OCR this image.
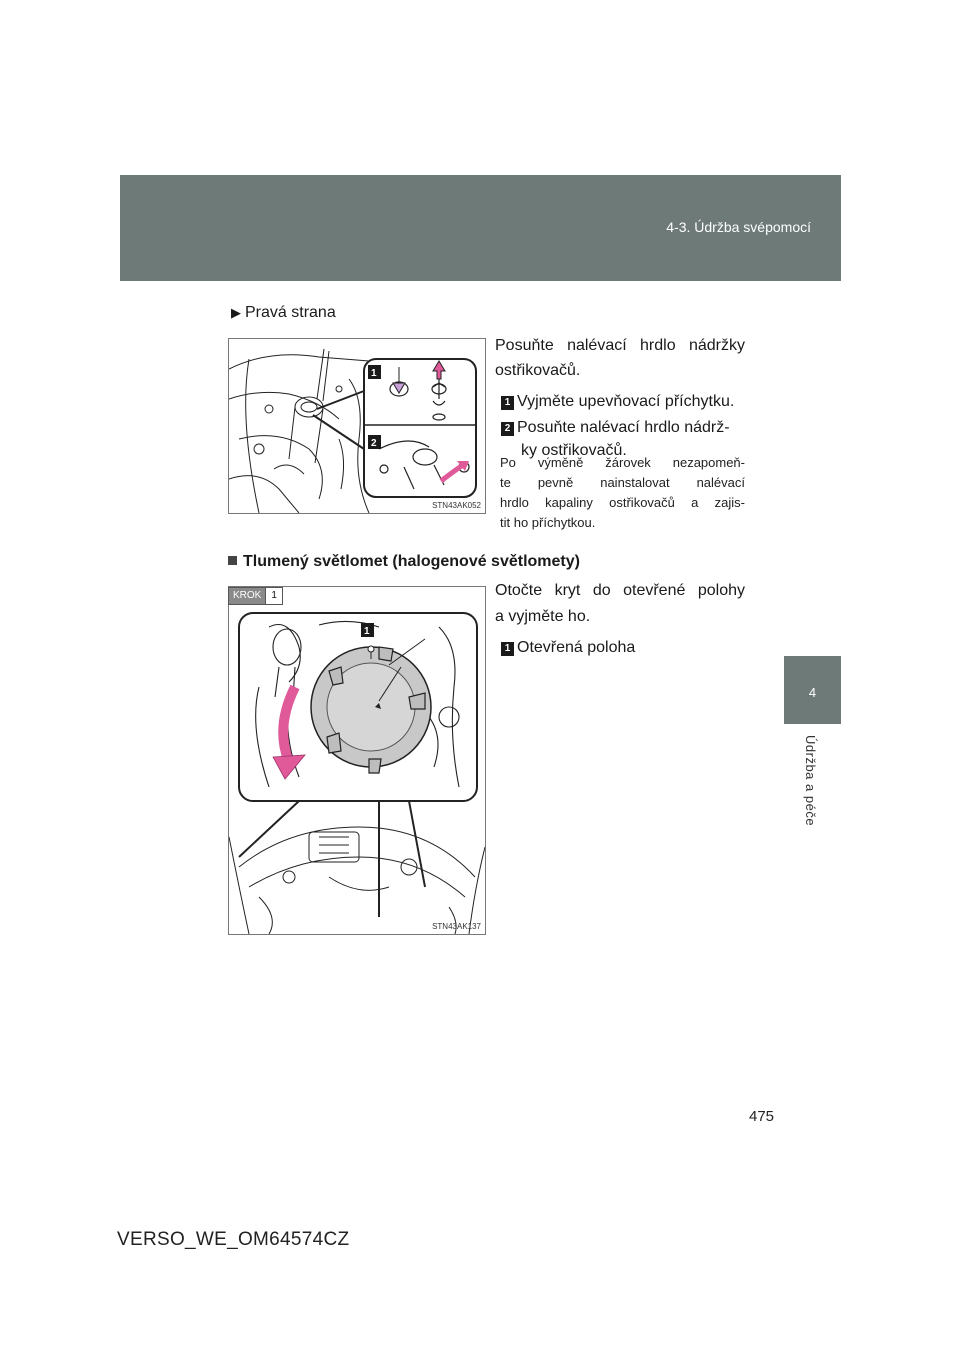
4-3. Údržba svépomocí
4
Údržba a péče
▶ Pravá strana
1
2
STN43AK052
Posuňte nalévací hrdlo nádržky
ostřikovačů.
1 Vyjměte upevňovací příchytku.
2 Posuňte nalévací hrdlo nádrž-
ky ostřikovačů.
Po výměně žárovek nezapomeň-
te pevně nainstalovat nalévací
hrdlo kapaliny ostřikovačů a zajis-
tit ho příchytkou.
Tlumený světlomet (halogenové světlomety)
1
STN43AK137
KROK	1	Otočte kryt do otevřené polohy
a vyjměte ho.
1 Otevřená poloha
475
VERSO_WE_OM64574CZ
